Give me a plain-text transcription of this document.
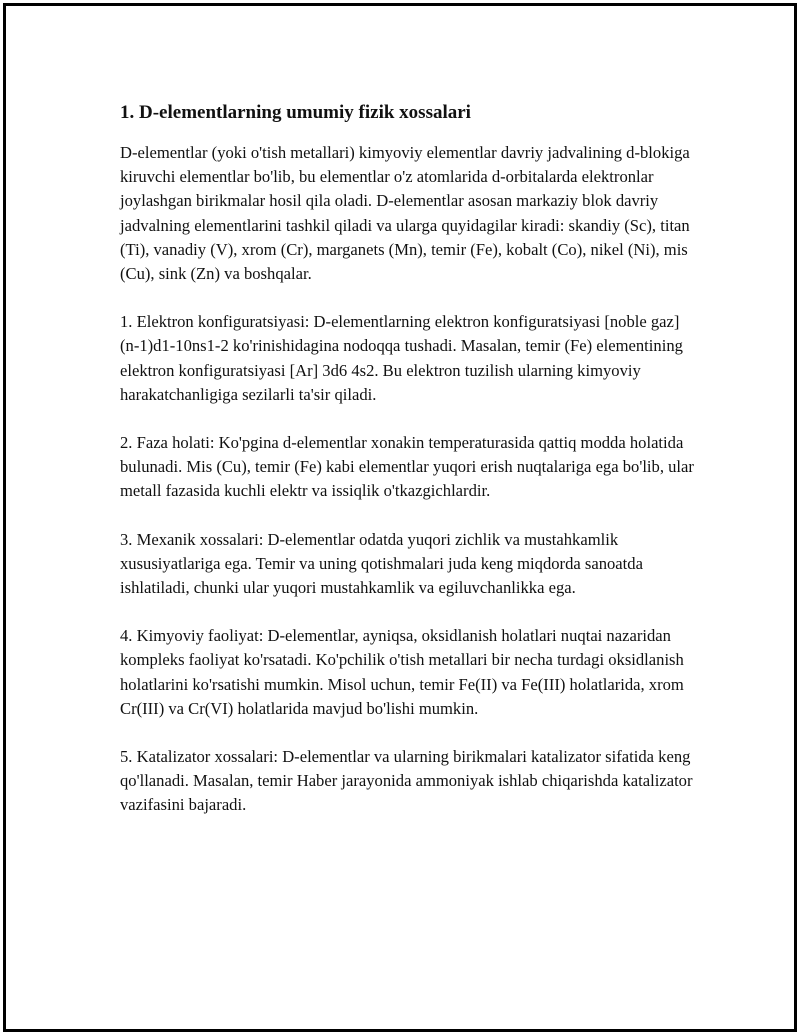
1. D-elementlarning umumiy fizik xossalari

D-elementlar (yoki o'tish metallari) kimyoviy elementlar davriy jadvalining d-blokiga kiruvchi elementlar bo'lib, bu elementlar o'z atomlarida d-orbitalarda elektronlar joylashgan birikmalar hosil qila oladi. D-elementlar asosan markaziy blok davriy jadvalning elementlarini tashkil qiladi va ularga quyidagilar kiradi: skandiy (Sc), titan (Ti), vanadiy (V), xrom (Cr), marganets (Mn), temir (Fe), kobalt (Co), nikel (Ni), mis (Cu), sink (Zn) va boshqalar.

1. Elektron konfiguratsiyasi: D-elementlarning elektron konfiguratsiyasi [noble gaz] (n-1)d1-10ns1-2 ko'rinishidagina nodoqqa tushadi. Masalan, temir (Fe) elementining elektron konfiguratsiyasi [Ar] 3d6 4s2. Bu elektron tuzilish ularning kimyoviy harakatchanligiga sezilarli ta'sir qiladi.

2. Faza holati: Ko'pgina d-elementlar xonakin temperaturasida qattiq modda holatida bulunadi. Mis (Cu), temir (Fe) kabi elementlar yuqori erish nuqtalariga ega bo'lib, ular metall fazasida kuchli elektr va issiqlik o'tkazgichlardir.

3. Mexanik xossalari: D-elementlar odatda yuqori zichlik va mustahkamlik xususiyatlariga ega. Temir va uning qotishmalari juda keng miqdorda sanoatda ishlatiladi, chunki ular yuqori mustahkamlik va egiluvchanlikka ega.

4. Kimyoviy faoliyat: D-elementlar, ayniqsa, oksidlanish holatlari nuqtai nazaridan kompleks faoliyat ko'rsatadi. Ko'pchilik o'tish metallari bir necha turdagi oksidlanish holatlarini ko'rsatishi mumkin. Misol uchun, temir Fe(II) va Fe(III) holatlarida, xrom Cr(III) va Cr(VI) holatlarida mavjud bo'lishi mumkin.

5. Katalizator xossalari: D-elementlar va ularning birikmalari katalizator sifatida keng qo'llanadi. Masalan, temir Haber jarayonida ammoniyak ishlab chiqarishda katalizator vazifasini bajaradi.
